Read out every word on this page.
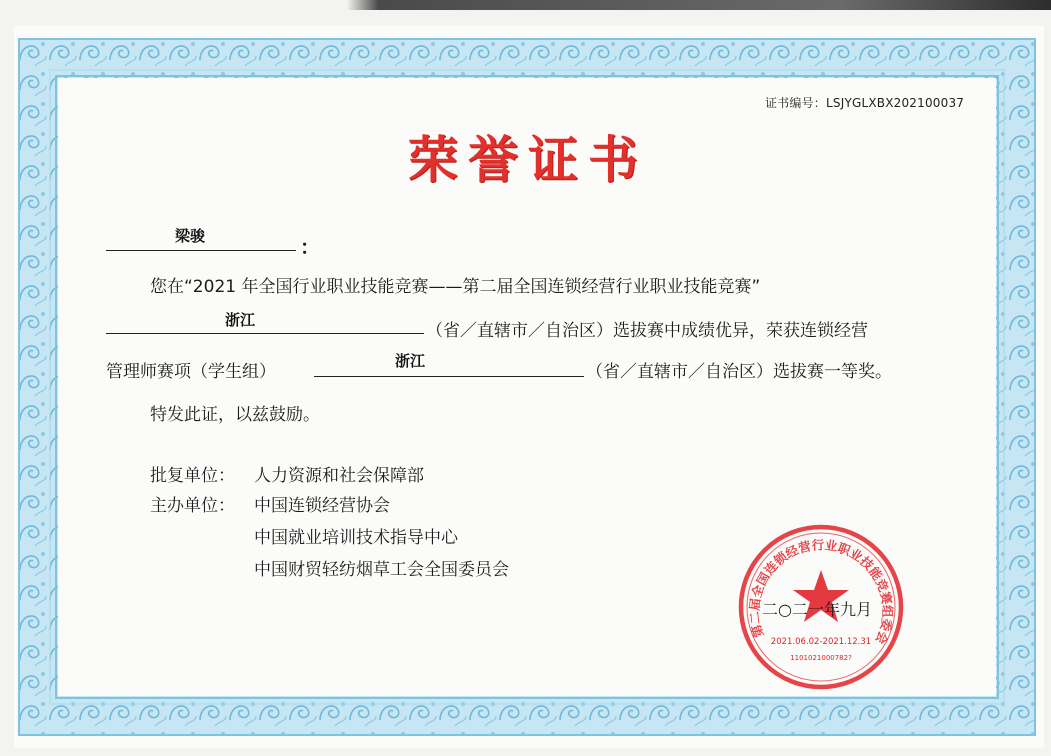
证书编号：LSJYGLXBX202100037
荣誉证书
梁骏	：
您在“2021 年全国行业职业技能竞赛——第二届全国连锁经营行业职业技能竞赛”
浙江
（省／直辖市／自治区）选拔赛中成绩优异，荣获连锁经营
管理师赛项（学生组）
浙江
（省／直辖市／自治区）选拔赛一等奖。
特发此证，以兹鼓励。
批复单位： 人力资源和社会保障部
主办单位： 中国连锁经营协会
中国就业培训技术指导中心
中国财贸轻纺烟草工会全国委员会
第二届全国连锁经营行业职业技能竞赛组委会
2021.06.02-2021.12.31
1101021000782?
二○二一年九月
